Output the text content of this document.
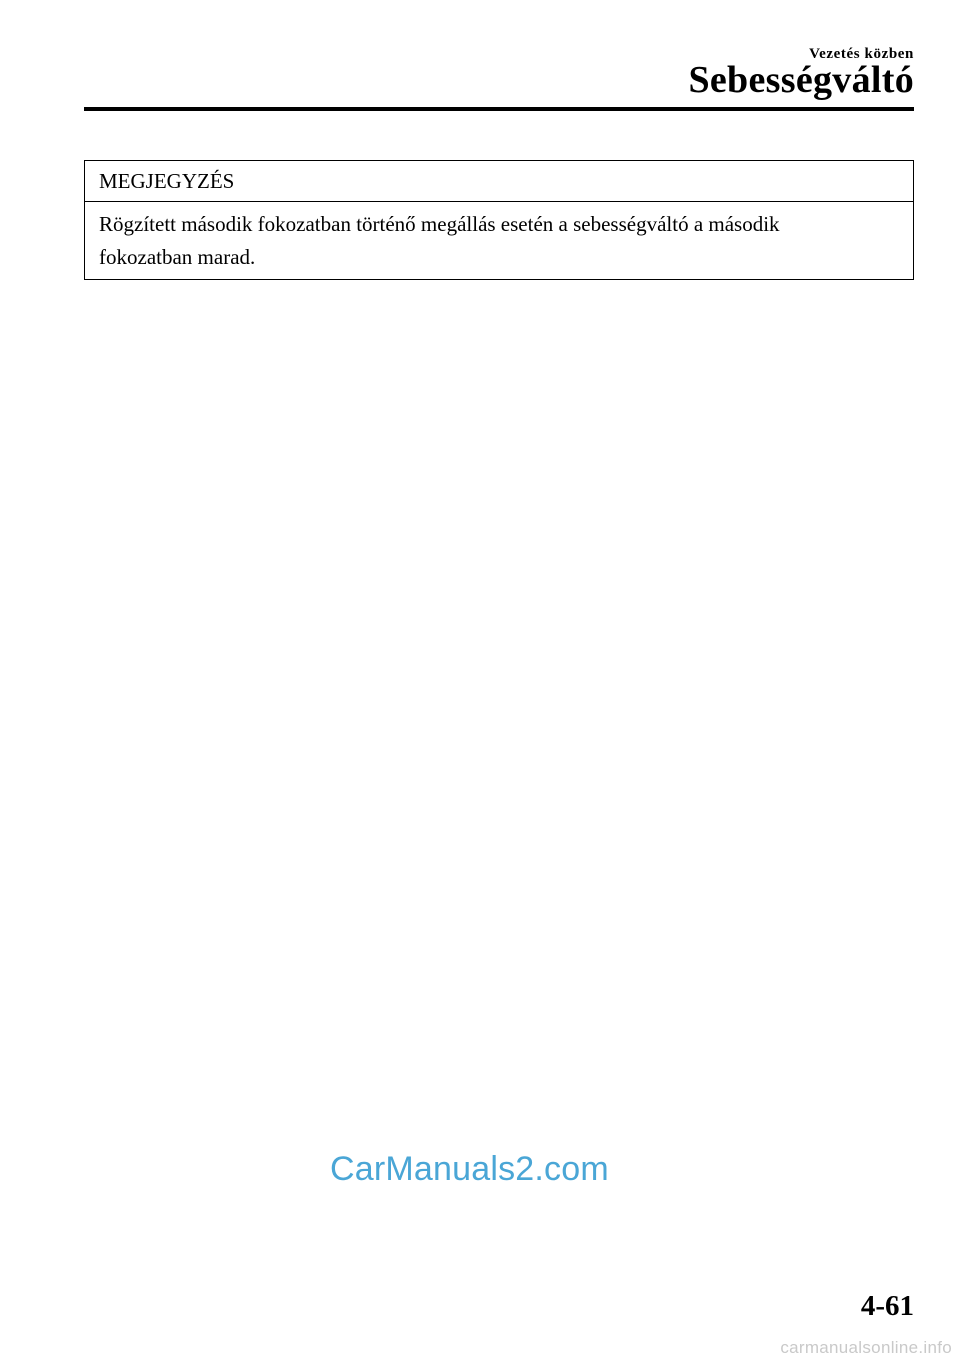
Vezetés közben
Sebességváltó
MEGJEGYZÉS
Rögzített második fokozatban történő megállás esetén a sebességváltó a második fokozatban marad.
CarManuals2.com
4-61
carmanualsonline.info
